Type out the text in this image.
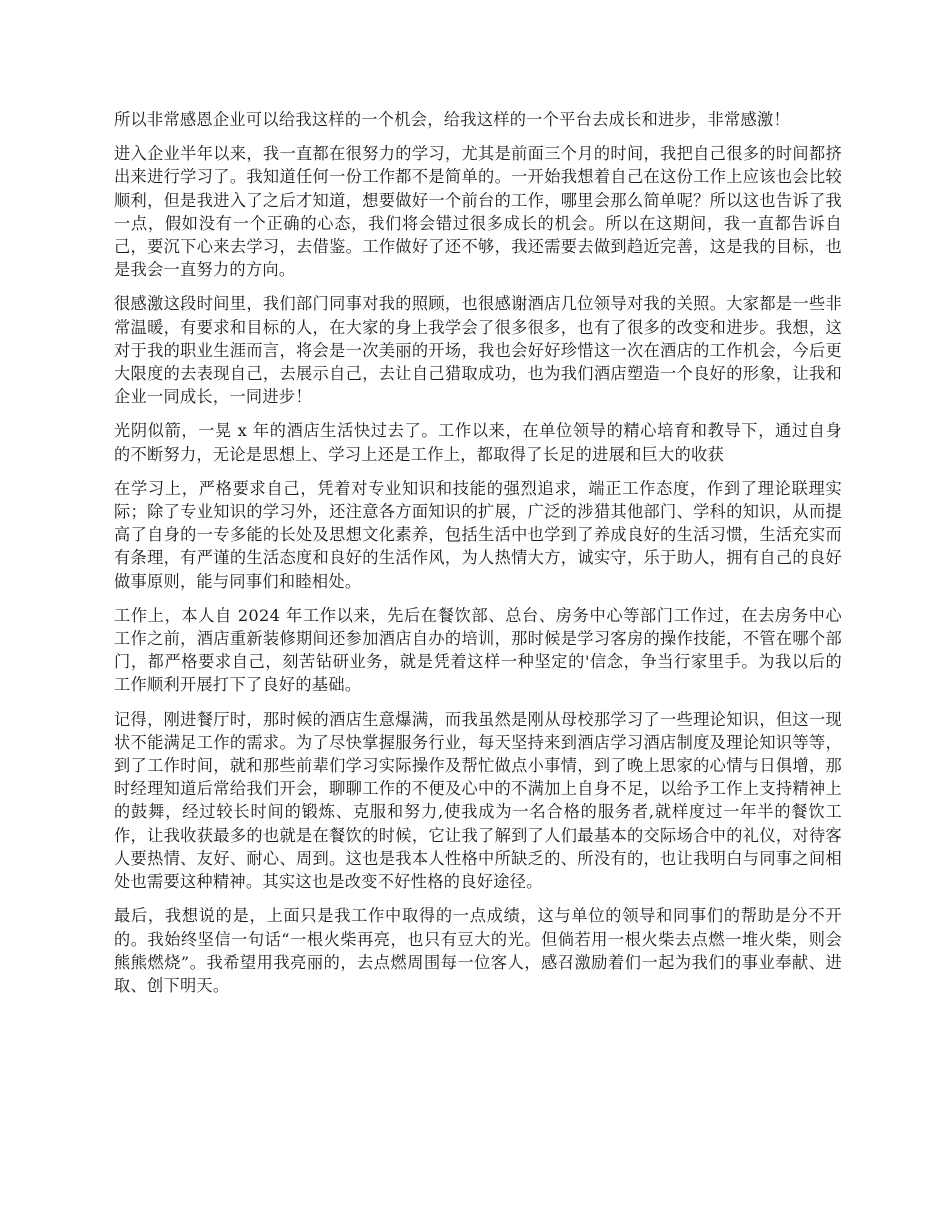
所以非常感恩企业可以给我这样的一个机会，给我这样的一个平台去成长和进步，非常感激！

进入企业半年以来，我一直都在很努力的学习，尤其是前面三个月的时间，我把自己很多的时间都挤出来进行学习了。我知道任何一份工作都不是简单的。一开始我想着自己在这份工作上应该也会比较顺利，但是我进入了之后才知道，想要做好一个前台的工作，哪里会那么简单呢？所以这也告诉了我一点，假如没有一个正确的心态，我们将会错过很多成长的机会。所以在这期间，我一直都告诉自己，要沉下心来去学习，去借鉴。工作做好了还不够，我还需要去做到趋近完善，这是我的目标，也是我会一直努力的方向。

很感激这段时间里，我们部门同事对我的照顾，也很感谢酒店几位领导对我的关照。大家都是一些非常温暖，有要求和目标的人，在大家的身上我学会了很多很多，也有了很多的改变和进步。我想，这对于我的职业生涯而言，将会是一次美丽的开场，我也会好好珍惜这一次在酒店的工作机会，今后更大限度的去表现自己，去展示自己，去让自己猎取成功，也为我们酒店塑造一个良好的形象，让我和企业一同成长，一同进步！

光阴似箭，一晃 x 年的酒店生活快过去了。工作以来，在单位领导的精心培育和教导下，通过自身的不断努力，无论是思想上、学习上还是工作上，都取得了长足的进展和巨大的收获

在学习上，严格要求自己，凭着对专业知识和技能的强烈追求，端正工作态度，作到了理论联理实际；除了专业知识的学习外，还注意各方面知识的扩展，广泛的涉猎其他部门、学科的知识，从而提高了自身的一专多能的长处及思想文化素养，包括生活中也学到了养成良好的生活习惯，生活充实而有条理，有严谨的生活态度和良好的生活作风，为人热情大方，诚实守，乐于助人，拥有自己的良好做事原则，能与同事们和睦相处。

工作上，本人自 2024 年工作以来，先后在餐饮部、总台、房务中心等部门工作过，在去房务中心工作之前，酒店重新装修期间还参加酒店自办的培训，那时候是学习客房的操作技能，不管在哪个部门，都严格要求自己，刻苦钻研业务，就是凭着这样一种坚定的'信念，争当行家里手。为我以后的工作顺利开展打下了良好的基础。

记得，刚进餐厅时，那时候的酒店生意爆满，而我虽然是刚从母校那学习了一些理论知识，但这一现状不能满足工作的需求。为了尽快掌握服务行业，每天坚持来到酒店学习酒店制度及理论知识等等，到了工作时间，就和那些前辈们学习实际操作及帮忙做点小事情，到了晚上思家的心情与日俱增，那时经理知道后常给我们开会，聊聊工作的不便及心中的不满加上自身不足，以给予工作上支持精神上的鼓舞，经过较长时间的锻炼、克服和努力,使我成为一名合格的服务者,就样度过一年半的餐饮工作，让我收获最多的也就是在餐饮的时候，它让我了解到了人们最基本的交际场合中的礼仪，对待客人要热情、友好、耐心、周到。这也是我本人性格中所缺乏的、所没有的，也让我明白与同事之间相处也需要这种精神。其实这也是改变不好性格的良好途径。

最后，我想说的是，上面只是我工作中取得的一点成绩，这与单位的领导和同事们的帮助是分不开的。我始终坚信一句话“一根火柴再亮，也只有豆大的光。但倘若用一根火柴去点燃一堆火柴，则会熊熊燃烧”。我希望用我亮丽的，去点燃周围每一位客人，感召激励着们一起为我们的事业奉献、进取、创下明天。
